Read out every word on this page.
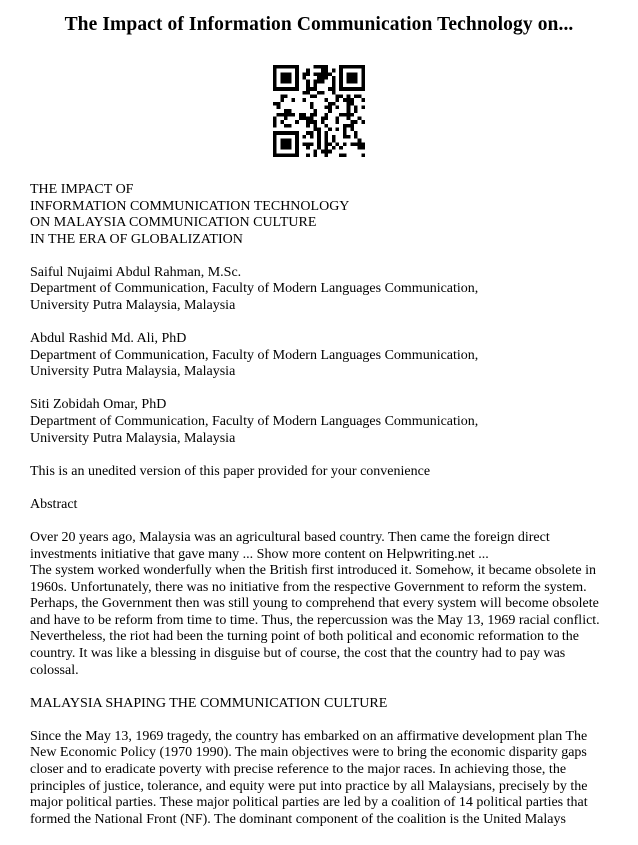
The Impact of Information Communication Technology on...
THE IMPACT OF
INFORMATION COMMUNICATION TECHNOLOGY
ON MALAYSIA COMMUNICATION CULTURE
IN THE ERA OF GLOBALIZATION
Saiful Nujaimi Abdul Rahman, M.Sc.
Department of Communication, Faculty of Modern Languages Communication,
University Putra Malaysia, Malaysia
Abdul Rashid Md. Ali, PhD
Department of Communication, Faculty of Modern Languages Communication,
University Putra Malaysia, Malaysia
Siti Zobidah Omar, PhD
Department of Communication, Faculty of Modern Languages Communication,
University Putra Malaysia, Malaysia
This is an unedited version of this paper provided for your convenience
Abstract
Over 20 years ago, Malaysia was an agricultural based country. Then came the foreign direct
investments initiative that gave many ... Show more content on Helpwriting.net ...
The system worked wonderfully when the British first introduced it. Somehow, it became obsolete in
1960s. Unfortunately, there was no initiative from the respective Government to reform the system.
Perhaps, the Government then was still young to comprehend that every system will become obsolete
and have to be reform from time to time. Thus, the repercussion was the May 13, 1969 racial conflict.
Nevertheless, the riot had been the turning point of both political and economic reformation to the
country. It was like a blessing in disguise but of course, the cost that the country had to pay was
colossal.
MALAYSIA SHAPING THE COMMUNICATION CULTURE
Since the May 13, 1969 tragedy, the country has embarked on an affirmative development plan The
New Economic Policy (1970 1990). The main objectives were to bring the economic disparity gaps
closer and to eradicate poverty with precise reference to the major races. In achieving those, the
principles of justice, tolerance, and equity were put into practice by all Malaysians, precisely by the
major political parties. These major political parties are led by a coalition of 14 political parties that
formed the National Front (NF). The dominant component of the coalition is the United Malays
